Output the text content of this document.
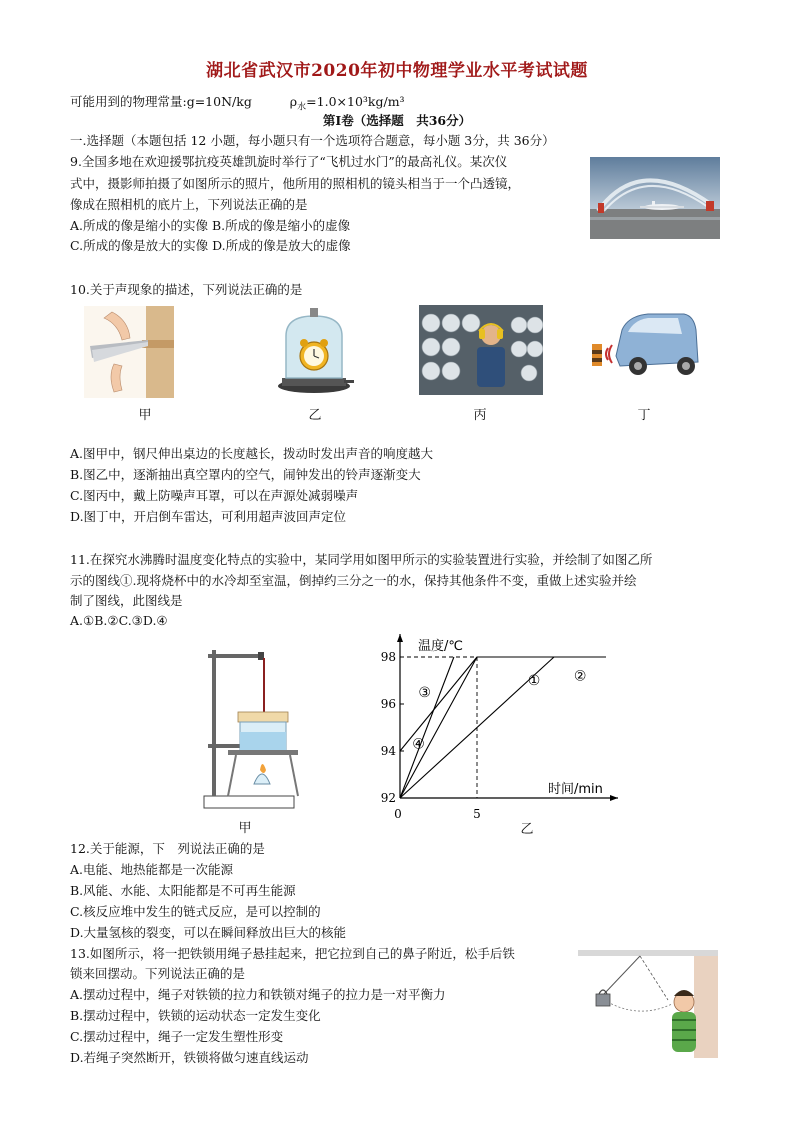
湖北省武汉市2020年初中物理学业水平考试试题
可能用到的物理常量:g=10N/kg	$\rho_水=1.0\times 10^3kg/m^3$
第Ⅰ卷（选择题　共36分）
一.选择题（本题包括 12 小题，每小题只有一个选项符合题意，每小题 3分，共 36分）
9.全国多地在欢迎援鄂抗疫英雄凯旋时举行了“飞机过水门”的最高礼仪。某次仪
式中，摄影师拍摄了如图所示的照片，他所用的照相机的镜头相当于一个凸透镜，
像成在照相机的底片上，下列说法正确的是
A.所成的像是缩小的实像 B.所成的像是缩小的虚像
C.所成的像是放大的实像 D.所成的像是放大的虚像
10.关于声现象的描述，下列说法正确的是
甲	乙	丙	丁
A.图甲中，钢尺伸出桌边的长度越长，拨动时发出声音的响度越大
B.图乙中，逐渐抽出真空罩内的空气，闹钟发出的铃声逐渐变大
C.图丙中，戴上防噪声耳罩，可以在声源处减弱噪声
D.图丁中，开启倒车雷达，可利用超声波回声定位
11.在探究水沸腾时温度变化特点的实验中，某同学用如图甲所示的实验装置进行实验，并绘制了如图乙所
示的图线①.现将烧杯中的水冷却至室温，倒掉约三分之一的水，保持其他条件不变，重做上述实验并绘
制了图线，此图线是
A.①B.②C.③D.④
甲
温度/℃
时间/min
98
96
94
92
0	5
① ②
③
④
乙
12.关于能源，下　列说法正确的是
A.电能、地热能都是一次能源
B.风能、水能、太阳能都是不可再生能源
C.核反应堆中发生的链式反应，是可以控制的
D.大量氢核的裂变，可以在瞬间释放出巨大的核能
13.如图所示，将一把铁锁用绳子悬挂起来，把它拉到自己的鼻子附近，松手后铁
锁来回摆动。下列说法正确的是
A.摆动过程中，绳子对铁锁的拉力和铁锁对绳子的拉力是一对平衡力
B.摆动过程中，铁锁的运动状态一定发生变化
C.摆动过程中，绳子一定发生塑性形变
D.若绳子突然断开，铁锁将做匀速直线运动
